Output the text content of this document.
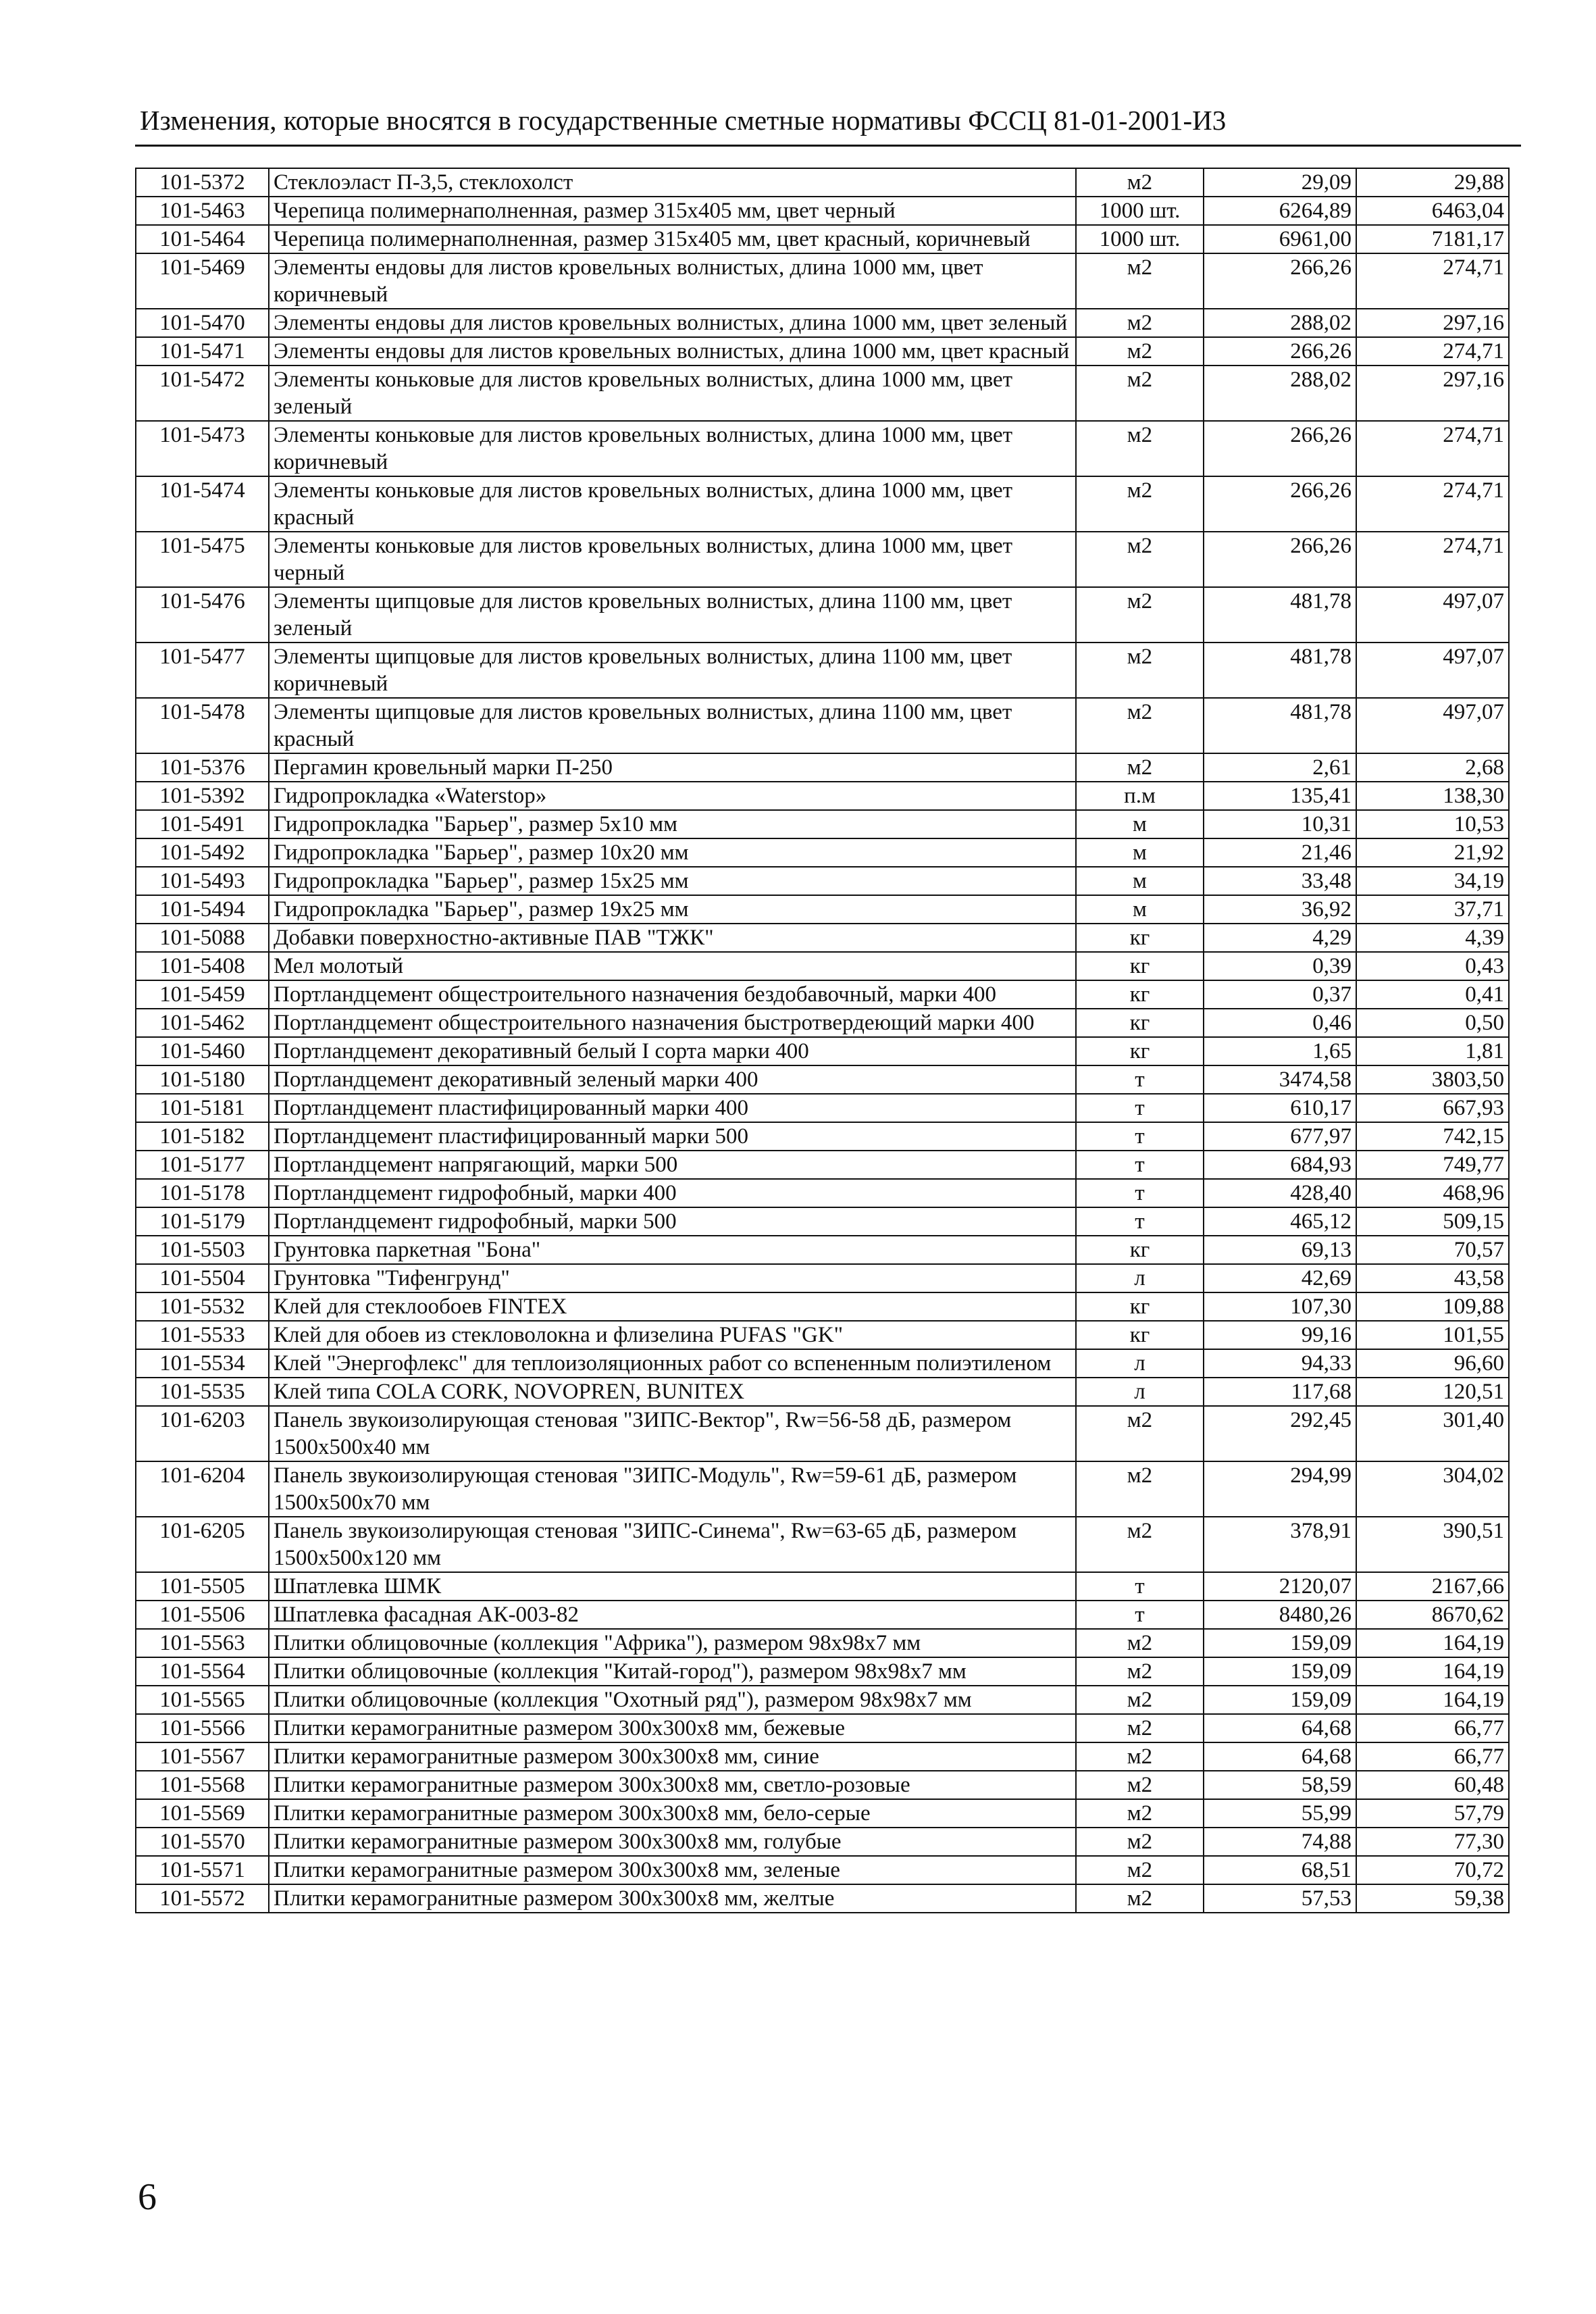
Изменения, которые вносятся в государственные сметные нормативы ФССЦ 81-01-2001-И3
101-5372	Стеклоэласт П-3,5, стеклохолст	м2	29,09	29,88
101-5463	Черепица полимернаполненная, размер 315x405 мм, цвет черный	1000 шт.	6264,89	6463,04
101-5464	Черепица полимернаполненная, размер 315x405 мм, цвет красный, коричневый	1000 шт.	6961,00	7181,17
101-5469	Элементы ендовы для листов кровельных волнистых, длина 1000 мм, цвет коричневый	м2	266,26	274,71
101-5470	Элементы ендовы для листов кровельных волнистых, длина 1000 мм, цвет зеленый	м2	288,02	297,16
101-5471	Элементы ендовы для листов кровельных волнистых, длина 1000 мм, цвет красный	м2	266,26	274,71
101-5472	Элементы коньковые для листов кровельных волнистых, длина 1000 мм, цвет зеленый	м2	288,02	297,16
101-5473	Элементы коньковые для листов кровельных волнистых, длина 1000 мм, цвет коричневый	м2	266,26	274,71
101-5474	Элементы коньковые для листов кровельных волнистых, длина 1000 мм, цвет красный	м2	266,26	274,71
101-5475	Элементы коньковые для листов кровельных волнистых, длина 1000 мм, цвет черный	м2	266,26	274,71
101-5476	Элементы щипцовые для листов кровельных волнистых, длина 1100 мм, цвет зеленый	м2	481,78	497,07
101-5477	Элементы щипцовые для листов кровельных волнистых, длина 1100 мм, цвет коричневый	м2	481,78	497,07
101-5478	Элементы щипцовые для листов кровельных волнистых, длина 1100 мм, цвет красный	м2	481,78	497,07
101-5376	Пергамин кровельный марки П-250	м2	2,61	2,68
101-5392	Гидропрокладка «Waterstop»	п.м	135,41	138,30
101-5491	Гидропрокладка "Барьер", размер 5x10 мм	м	10,31	10,53
101-5492	Гидропрокладка "Барьер", размер 10x20 мм	м	21,46	21,92
101-5493	Гидропрокладка "Барьер", размер 15x25 мм	м	33,48	34,19
101-5494	Гидропрокладка "Барьер", размер 19x25 мм	м	36,92	37,71
101-5088	Добавки поверхностно-активные ПАВ "ТЖК"	кг	4,29	4,39
101-5408	Мел молотый	кг	0,39	0,43
101-5459	Портландцемент общестроительного назначения бездобавочный, марки 400	кг	0,37	0,41
101-5462	Портландцемент общестроительного назначения быстротвердеющий марки 400	кг	0,46	0,50
101-5460	Портландцемент декоративный белый I сорта марки 400	кг	1,65	1,81
101-5180	Портландцемент декоративный зеленый марки 400	т	3474,58	3803,50
101-5181	Портландцемент пластифицированный марки 400	т	610,17	667,93
101-5182	Портландцемент пластифицированный марки 500	т	677,97	742,15
101-5177	Портландцемент напрягающий, марки 500	т	684,93	749,77
101-5178	Портландцемент гидрофобный, марки 400	т	428,40	468,96
101-5179	Портландцемент гидрофобный, марки 500	т	465,12	509,15
101-5503	Грунтовка паркетная "Бона"	кг	69,13	70,57
101-5504	Грунтовка "Тифенгрунд"	л	42,69	43,58
101-5532	Клей для стеклообоев FINTEX	кг	107,30	109,88
101-5533	Клей для обоев из стекловолокна и флизелина PUFAS "GK"	кг	99,16	101,55
101-5534	Клей "Энергофлекс" для теплоизоляционных работ со вспененным полиэтиленом	л	94,33	96,60
101-5535	Клей типа COLA CORK, NOVOPREN, BUNITEX	л	117,68	120,51
101-6203	Панель звукоизолирующая стеновая "ЗИПС-Вектор", Rw=56-58 дБ, размером 1500x500x40 мм	м2	292,45	301,40
101-6204	Панель звукоизолирующая стеновая "ЗИПС-Модуль", Rw=59-61 дБ, размером 1500x500x70 мм	м2	294,99	304,02
101-6205	Панель звукоизолирующая стеновая "ЗИПС-Синема", Rw=63-65 дБ, размером 1500x500x120 мм	м2	378,91	390,51
101-5505	Шпатлевка ШМК	т	2120,07	2167,66
101-5506	Шпатлевка фасадная АК-003-82	т	8480,26	8670,62
101-5563	Плитки облицовочные (коллекция "Африка"), размером 98x98x7 мм	м2	159,09	164,19
101-5564	Плитки облицовочные (коллекция "Китай-город"), размером 98x98x7 мм	м2	159,09	164,19
101-5565	Плитки облицовочные (коллекция "Охотный ряд"), размером 98x98x7 мм	м2	159,09	164,19
101-5566	Плитки керамогранитные размером 300x300x8 мм, бежевые	м2	64,68	66,77
101-5567	Плитки керамогранитные размером 300x300x8 мм, синие	м2	64,68	66,77
101-5568	Плитки керамогранитные размером 300x300x8 мм, светло-розовые	м2	58,59	60,48
101-5569	Плитки керамогранитные размером 300x300x8 мм, бело-серые	м2	55,99	57,79
101-5570	Плитки керамогранитные размером 300x300x8 мм, голубые	м2	74,88	77,30
101-5571	Плитки керамогранитные размером 300x300x8 мм, зеленые	м2	68,51	70,72
101-5572	Плитки керамогранитные размером 300x300x8 мм, желтые	м2	57,53	59,38
6
